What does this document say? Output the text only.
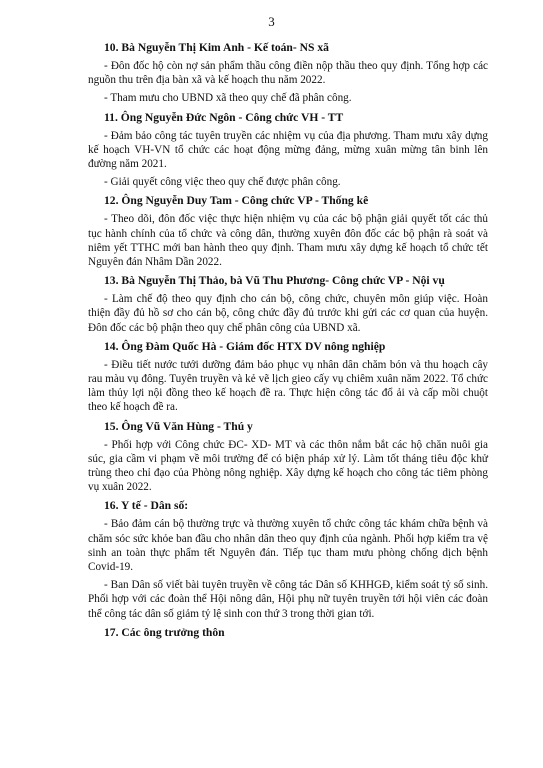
3
10. Bà Nguyễn Thị Kim Anh - Kế toán- NS xã

- Đôn đốc hộ còn nợ sản phẩm thầu công điền nộp thầu theo quy định. Tổng hợp các nguồn thu trên địa bàn xã và kế hoạch thu năm 2022.

- Tham mưu cho UBND xã theo quy chế đã phân công.

11. Ông Nguyễn Đức Ngôn - Công chức VH - TT

- Đảm bảo công tác tuyên truyền các nhiệm vụ của địa phương. Tham mưu xây dựng kế hoạch VH-VN tổ chức các hoạt động mừng đảng, mừng xuân mừng tân binh lên đường năm 2021.

- Giải quyết công việc theo quy chế được phân công.

12. Ông Nguyễn Duy Tam - Công chức VP - Thống kê

- Theo dõi, đôn đốc việc thực hiện nhiệm vụ của các bộ phận giải quyết tốt các thủ tục hành chính của tổ chức và công dân, thường xuyên đôn đốc các bộ phận rà soát và niêm yết TTHC mới ban hành theo quy định. Tham mưu xây dựng kế hoạch tổ chức tết Nguyên đán Nhâm Dần 2022.

13. Bà Nguyễn Thị Thảo, bà Vũ Thu Phương- Công chức VP - Nội vụ

- Làm chế độ theo quy định cho cán bộ, công chức, chuyên môn giúp việc. Hoàn thiện đầy đủ hồ sơ cho cán bộ, công chức đầy đủ trước khi gửi các cơ quan của huyện. Đôn đốc các bộ phận theo quy chế phân công của UBND xã.

14. Ông Đàm Quốc Hà - Giám đốc HTX DV nông nghiệp

- Điều tiết nước tưới dưỡng đảm bảo phục vụ nhân dân chăm bón và thu hoạch cây rau màu vụ đông. Tuyên truyền và kẻ vẽ lịch gieo cấy vụ chiêm xuân năm 2022. Tổ chức làm thủy lợi nội đồng theo kế hoạch đề ra. Thực hiện công tác đổ ải và cấp mồi chuột theo kế hoạch đề ra.

15. Ông Vũ Văn Hùng - Thú y

- Phối hợp với Công chức ĐC- XD- MT và các thôn nắm bắt các hộ chăn nuôi gia súc, gia cầm vi phạm về môi trường để có biện pháp xử lý. Làm tốt tháng tiêu độc khử trùng theo chỉ đạo của Phòng nông nghiệp. Xây dựng kế hoạch cho công tác tiêm phòng vụ xuân 2022.

16. Y tế - Dân số:

- Bảo đảm cán bộ thường trực và thường xuyên tổ chức công tác khám chữa bệnh và chăm sóc sức khỏe ban đầu cho nhân dân theo quy định của ngành. Phối hợp kiểm tra vệ sinh an toàn thực phẩm tết Nguyên đán. Tiếp tục tham mưu phòng chống dịch bệnh Covid-19.

- Ban Dân số viết bài tuyên truyền về công tác Dân số KHHGĐ, kiểm soát tỷ số sinh. Phối hợp với các đoàn thể Hội nông dân, Hội phụ nữ tuyên truyền tới hội viên các đoàn thể công tác dân số giảm tỷ lệ sinh con thứ 3 trong thời gian tới.

17. Các ông trưởng thôn
